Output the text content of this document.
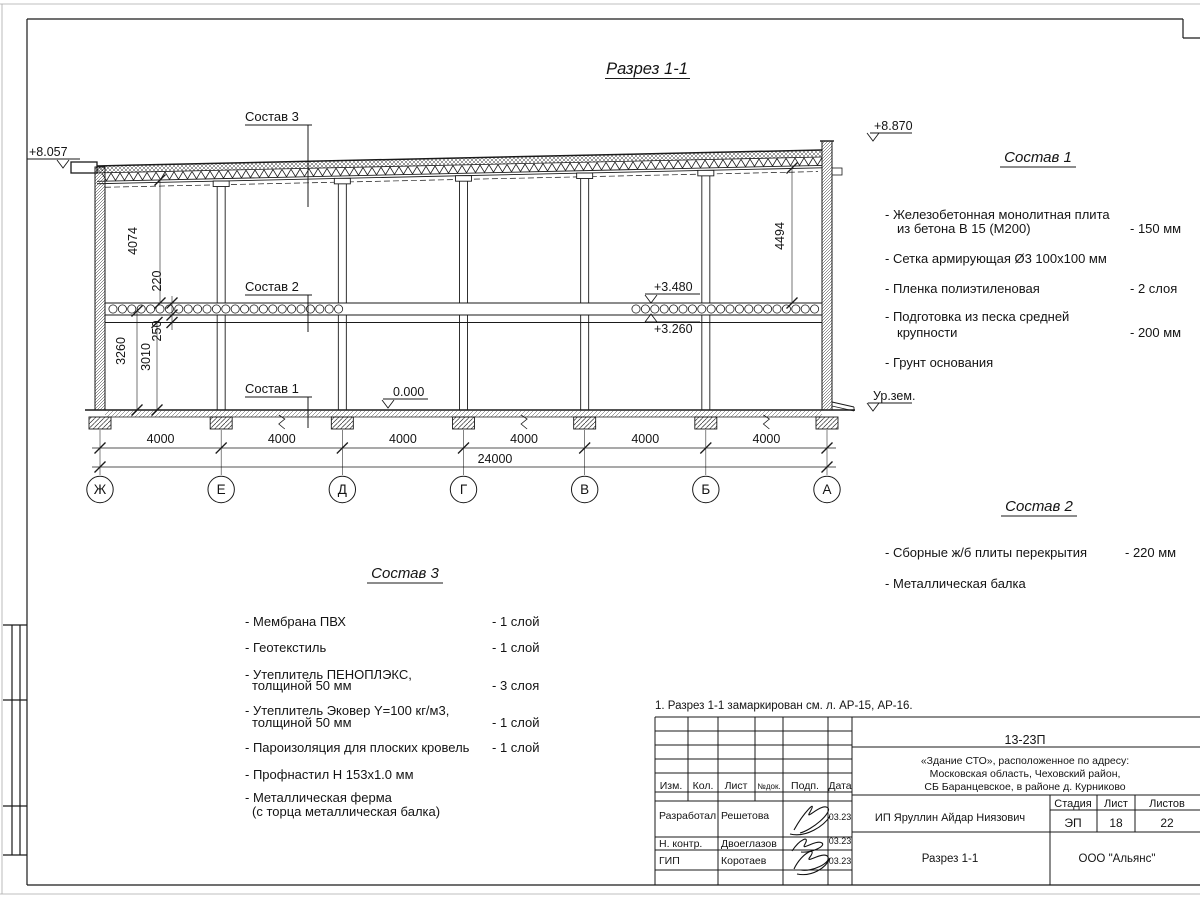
Ж	Е	Д	Г	В	Б	А
4000	4000	4000	4000	4000	4000
- Железобетонная монолитная плита
из бетона В 15 (М200)	- 150 мм
- Сетка армирующая Ø3 100х100 мм
- Пленка полиэтиленовая	- 2 слоя
- Подготовка из песка средней
крупности	- 200 мм
- Грунт основания
- Сборные ж/б плиты перекрытия	- 220 мм
- Металлическая балка
- Мембрана ПВХ	- 1 слой
- Геотекстиль	- 1 слой
- Утеплитель ПЕНОПЛЭКС,
толщиной 50 мм	- 3 слоя
- Утеплитель Эковер Y=100 кг/м3,
толщиной 50 мм	- 1 слой
- Пароизоляция для плоских кровель - 1 слой
- Профнастил Н 153х1.0 мм
- Металлическая ферма
(с торца металлическая балка)
«Здание СТО», расположенное по адресу:
Московская область, Чеховский район,
СБ Баранцевское, в районе д. Курниково
Изм. Кол. Лист №док. Подп. Дата
Разработал Решетова	03.23
Н. контр. Двоеглазов	03.23
ГИП	Коротаев	03.23
Разрез 1-1
+8.057
+8.870
+3.480
+3.260
0.000	Ур.зем.
4074
220
250
3260 3010
4494
Состав 3
Состав 2
Состав 1
24000
Состав 1
Состав 2
Состав 3
1. Разрез 1-1 замаркирован см. л. АР-15, АР-16.
13-23П
ИП Яруллин Айдар Ниязович
Стадия Лист Листов
ЭП 18	22
Разрез 1-1	ООО "Альянс"
